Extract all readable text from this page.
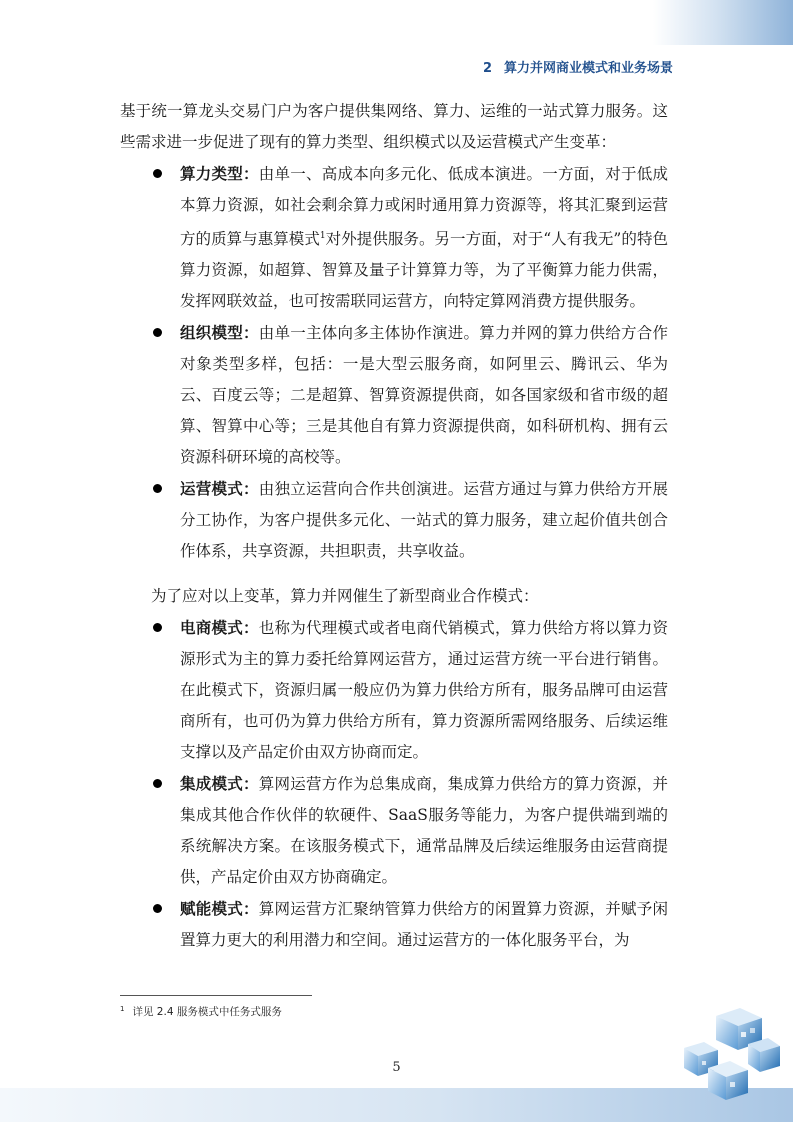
2 算力并网商业模式和业务场景

基于统一算龙头交易门户为客户提供集网络、算力、运维的一站式算力服务。这些需求进一步促进了现有的算力类型、组织模式以及运营模式产生变革：

算力类型：由单一、高成本向多元化、低成本演进。一方面，对于低成本算力资源，如社会剩余算力或闲时通用算力资源等，将其汇聚到运营方的质算与惠算模式$^1$对外提供服务。另一方面，对于“人有我无”的特色算力资源，如超算、智算及量子计算算力等，为了平衡算力能力供需，发挥网联效益，也可按需联同运营方，向特定算网消费方提供服务。
组织模型：由单一主体向多主体协作演进。算力并网的算力供给方合作对象类型多样，包括：一是大型云服务商，如阿里云、腾讯云、华为云、百度云等；二是超算、智算资源提供商，如各国家级和省市级的超算、智算中心等；三是其他自有算力资源提供商，如科研机构、拥有云资源科研环境的高校等。
运营模式：由独立运营向合作共创演进。运营方通过与算力供给方开展分工协作，为客户提供多元化、一站式的算力服务，建立起价值共创合作体系，共享资源，共担职责，共享收益。

为了应对以上变革，算力并网催生了新型商业合作模式：

电商模式：也称为代理模式或者电商代销模式，算力供给方将以算力资源形式为主的算力委托给算网运营方，通过运营方统一平台进行销售。在此模式下，资源归属一般应仍为算力供给方所有，服务品牌可由运营商所有，也可仍为算力供给方所有，算力资源所需网络服务、后续运维支撑以及产品定价由双方协商而定。
集成模式：算网运营方作为总集成商，集成算力供给方的算力资源，并集成其他合作伙伴的软硬件、SaaS服务等能力，为客户提供端到端的系统解决方案。在该服务模式下，通常品牌及后续运维服务由运营商提供，产品定价由双方协商确定。
赋能模式：算网运营方汇聚纳管算力供给方的闲置算力资源，并赋予闲置算力更大的利用潜力和空间。通过运营方的一体化服务平台，为
$^1$ 详见 2.4 服务模式中任务式服务
5
